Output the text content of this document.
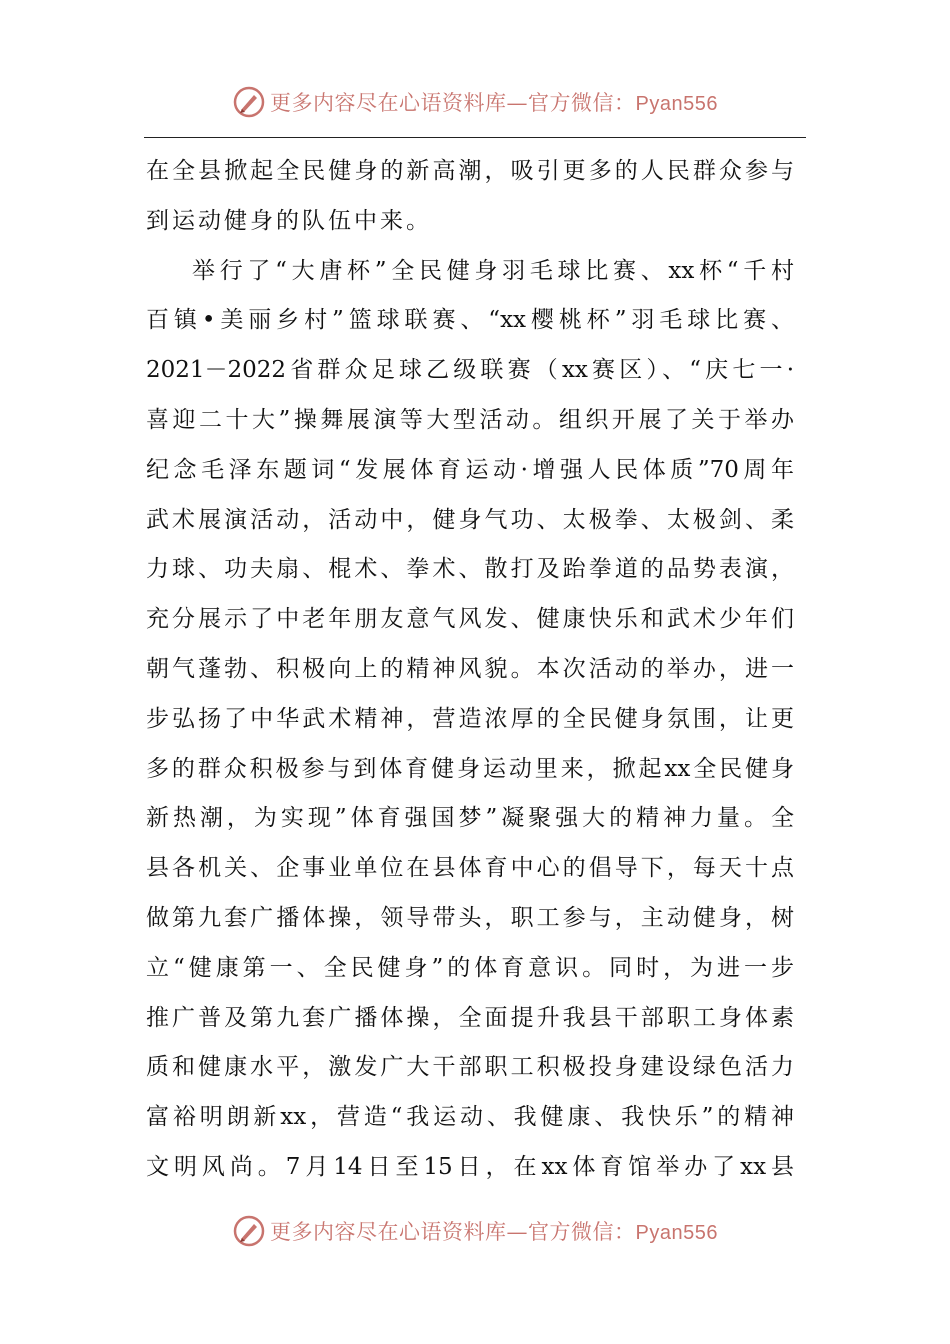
更多内容尽在心语资料库—官方微信：Pyan556
在全县掀起全民健身的新高潮，吸引更多的人民群众参与
到运动健身的队伍中来。
举行了“大唐杯”全民健身羽毛球比赛、xx杯“千村
百镇•美丽乡村”篮球联赛、“xx樱桃杯”羽毛球比赛、
2021－2022省群众足球乙级联赛（xx赛区）、“庆七一·
喜迎二十大”操舞展演等大型活动。组织开展了关于举办
纪念毛泽东题词“发展体育运动·增强人民体质”70周年
武术展演活动，活动中，健身气功、太极拳、太极剑、柔
力球、功夫扇、棍术、拳术、散打及跆拳道的品势表演，
充分展示了中老年朋友意气风发、健康快乐和武术少年们
朝气蓬勃、积极向上的精神风貌。本次活动的举办，进一
步弘扬了中华武术精神，营造浓厚的全民健身氛围，让更
多的群众积极参与到体育健身运动里来，掀起xx全民健身
新热潮，为实现”体育强国梦”凝聚强大的精神力量。全
县各机关、企事业单位在县体育中心的倡导下，每天十点
做第九套广播体操，领导带头，职工参与，主动健身，树
立“健康第一、全民健身”的体育意识。同时，为进一步
推广普及第九套广播体操，全面提升我县干部职工身体素
质和健康水平，激发广大干部职工积极投身建设绿色活力
富裕明朗新xx，营造“我运动、我健康、我快乐”的精神
文明风尚。7月14日至15日，在xx体育馆举办了xx县
更多内容尽在心语资料库—官方微信：Pyan556
